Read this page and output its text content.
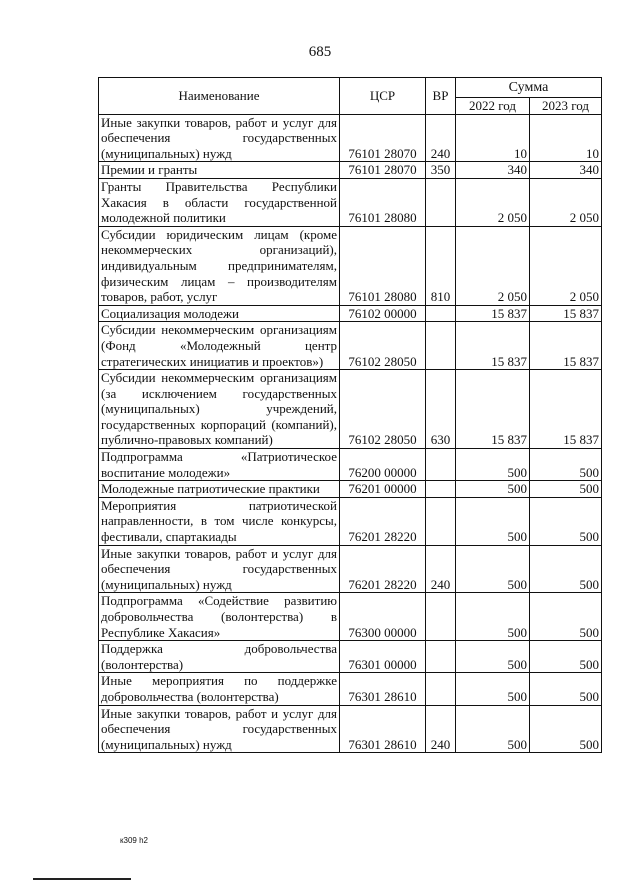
685
Наименование	ЦСР	ВР	Сумма	
			2022 год	2023 год
Иные закупки товаров, работ и услуг для обеспечения государственных (муниципальных) нужд	76101 28070	240	10	10
Премии и гранты	76101 28070	350	340	340
Гранты Правительства Республики Хакасия в области государственной молодежной политики	76101 28080		2 050	2 050
Субсидии юридическим лицам (кроме некоммерческих организаций), индивидуальным предпринимателям, физическим лицам – производителям товаров, работ, услуг	76101 28080	810	2 050	2 050
Социализация молодежи	76102 00000		15 837	15 837
Субсидии некоммерческим организациям (Фонд «Молодежный центр стратегических инициатив и проектов»)	76102 28050		15 837	15 837
Субсидии некоммерческим организациям (за исключением государственных (муниципальных) учреждений, государственных корпораций (компаний), публично-правовых компаний)	76102 28050	630	15 837	15 837
Подпрограмма «Патриотическое воспитание молодежи»	76200 00000		500	500
Молодежные патриотические практики	76201 00000		500	500
Мероприятия патриотической направленности, в том числе конкурсы, фестивали, спартакиады	76201 28220		500	500
Иные закупки товаров, работ и услуг для обеспечения государственных (муниципальных) нужд	76201 28220	240	500	500
Подпрограмма «Содействие развитию добровольчества (волонтерства) в Республике Хакасия»	76300 00000		500	500
Поддержка добровольчества (волонтерства)	76301 00000		500	500
Иные мероприятия по поддержке добровольчества (волонтерства)	76301 28610		500	500
Иные закупки товаров, работ и услуг для обеспечения государственных (муниципальных) нужд	76301 28610	240	500	500
к309 h2
